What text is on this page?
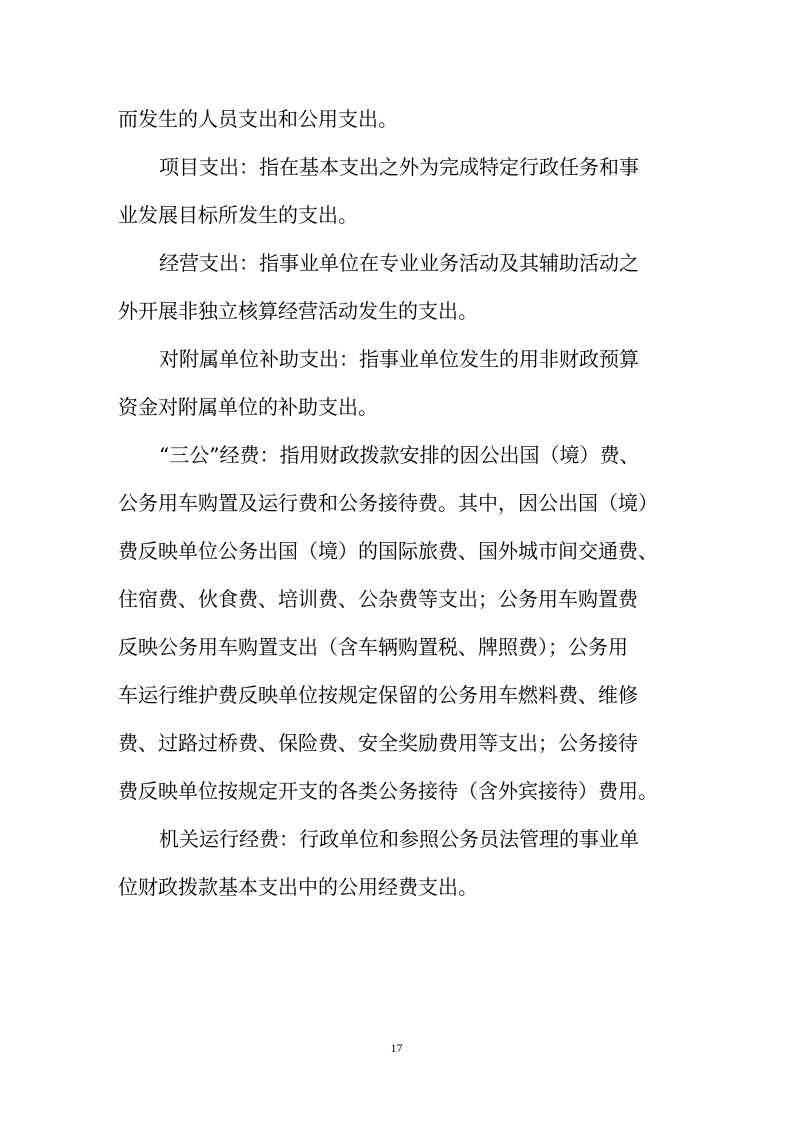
而发生的人员支出和公用支出。
项目支出：指在基本支出之外为完成特定行政任务和事
业发展目标所发生的支出。
经营支出：指事业单位在专业业务活动及其辅助活动之
外开展非独立核算经营活动发生的支出。
对附属单位补助支出：指事业单位发生的用非财政预算
资金对附属单位的补助支出。
“三公”经费：指用财政拨款安排的因公出国（境）费、
公务用车购置及运行费和公务接待费。其中，因公出国（境）
费反映单位公务出国（境）的国际旅费、国外城市间交通费、
住宿费、伙食费、培训费、公杂费等支出；公务用车购置费
反映公务用车购置支出（含车辆购置税、牌照费）；公务用
车运行维护费反映单位按规定保留的公务用车燃料费、维修
费、过路过桥费、保险费、安全奖励费用等支出；公务接待
费反映单位按规定开支的各类公务接待（含外宾接待）费用。
机关运行经费：行政单位和参照公务员法管理的事业单
位财政拨款基本支出中的公用经费支出。
17
